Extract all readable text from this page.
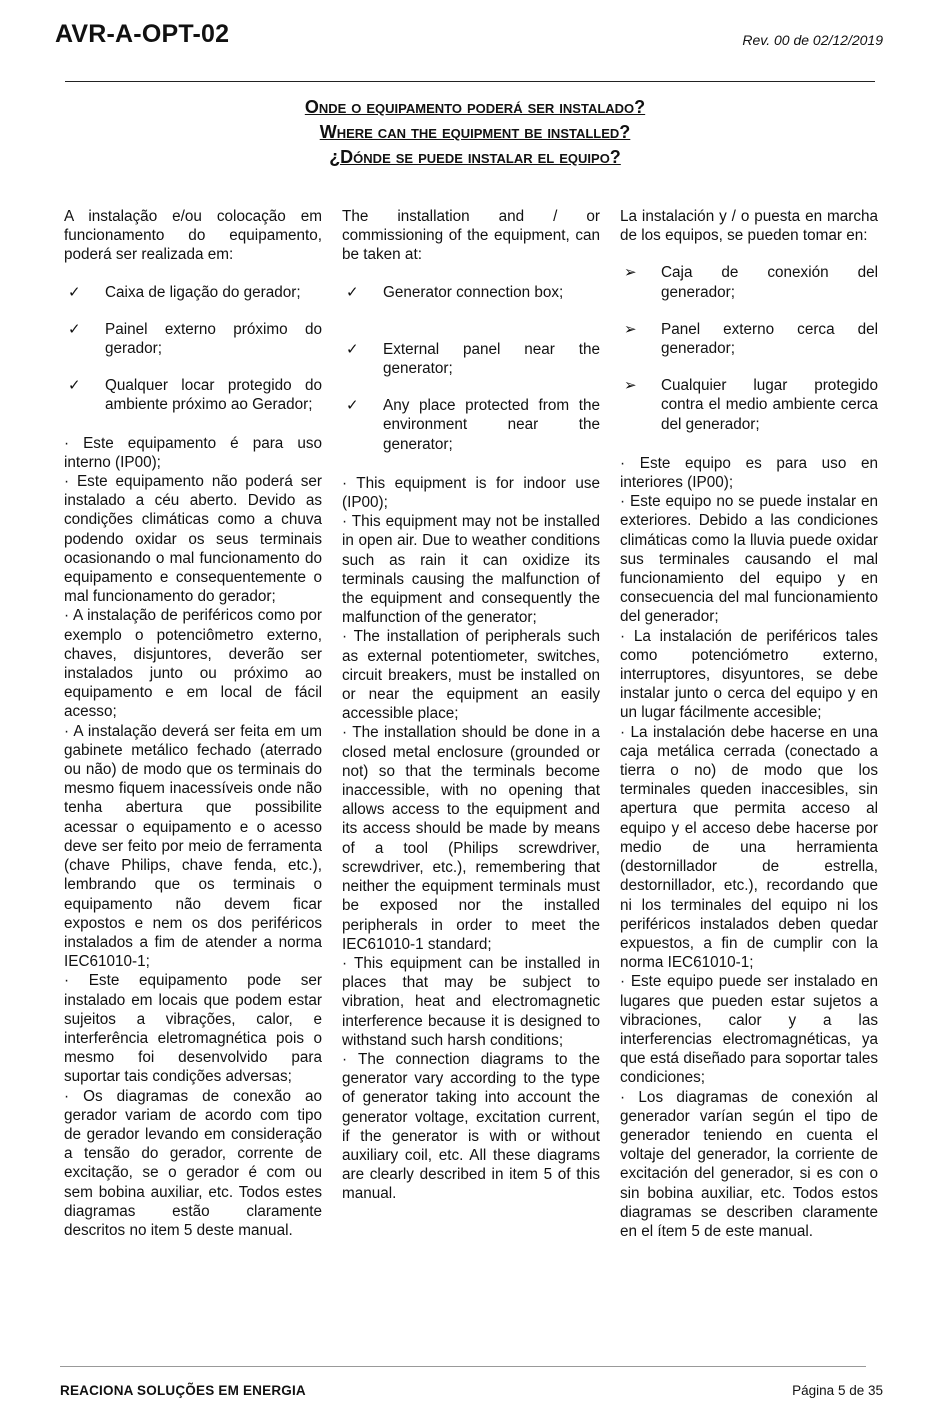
AVR-A-OPT-02	Rev. 00 de 02/12/2019
Onde o equipamento poderá ser instalado?
Where can the equipment be installed?
¿Dónde se puede instalar el equipo?

A instalação e/ou colocação em funcionamento do equipamento, poderá ser realizada em:

✓	Caixa de ligação do gerador;
✓	Painel externo próximo do gerador;
✓	Qualquer locar protegido do ambiente próximo ao Gerador;

· Este equipamento é para uso interno (IP00);

· Este equipamento não poderá ser instalado a céu aberto. Devido as condições climáticas como a chuva podendo oxidar os seus terminais ocasionando o mal funcionamento do equipamento e consequentemente o mal funcionamento do gerador;

· A instalação de periféricos como por exemplo o potenciômetro externo, chaves, disjuntores, deverão ser instalados junto ou próximo ao equipamento e em local de fácil acesso;

· A instalação deverá ser feita em um gabinete metálico fechado (aterrado ou não) de modo que os terminais do mesmo fiquem inacessíveis onde não tenha abertura que possibilite acessar o equipamento e o acesso deve ser feito por meio de ferramenta (chave Philips, chave fenda, etc.), lembrando que os terminais o equipamento não devem ficar expostos e nem os dos periféricos instalados a fim de atender a norma IEC61010-1;

· Este equipamento pode ser instalado em locais que podem estar sujeitos a vibrações, calor, e interferência eletromagnética pois o mesmo foi desenvolvido para suportar tais condições adversas;

· Os diagramas de conexão ao gerador variam de acordo com tipo de gerador levando em consideração a tensão do gerador, corrente de excitação, se o gerador é com ou sem bobina auxiliar, etc. Todos estes diagramas estão claramente descritos no item 5 deste manual.

The installation and / or commissioning of the equipment, can be taken at:

✓	Generator connection box;
✓	External panel near the generator;
✓	Any place protected from the environment near the generator;

· This equipment is for indoor use (IP00);

· This equipment may not be installed in open air. Due to weather conditions such as rain it can oxidize its terminals causing the malfunction of the equipment and consequently the malfunction of the generator;

· The installation of peripherals such as external potentiometer, switches, circuit breakers, must be installed on or near the equipment an easily accessible place;

· The installation should be done in a closed metal enclosure (grounded or not) so that the terminals become inaccessible, with no opening that allows access to the equipment and its access should be made by means of a tool (Philips screwdriver, screwdriver, etc.), remembering that neither the equipment terminals must be exposed nor the installed peripherals in order to meet the IEC61010-1 standard;

· This equipment can be installed in places that may be subject to vibration, heat and electromagnetic interference because it is designed to withstand such harsh conditions;

· The connection diagrams to the generator vary according to the type of generator taking into account the generator voltage, excitation current, if the generator is with or without auxiliary coil, etc. All these diagrams are clearly described in item 5 of this manual.

La instalación y / o puesta en marcha de los equipos, se pueden tomar en:

➢	Caja de conexión del generador;
➢	Panel externo cerca del generador;
➢	Cualquier lugar protegido contra el medio ambiente cerca del generador;

· Este equipo es para uso en interiores (IP00);

· Este equipo no se puede instalar en exteriores. Debido a las condiciones climáticas como la lluvia puede oxidar sus terminales causando el mal funcionamiento del equipo y en consecuencia del mal funcionamiento del generador;

· La instalación de periféricos tales como potenciómetro externo, interruptores, disyuntores, se debe instalar junto o cerca del equipo y en un lugar fácilmente accesible;

· La instalación debe hacerse en una caja metálica cerrada (conectado a tierra o no) de modo que los terminales queden inaccesibles, sin apertura que permita acceso al equipo y el acceso debe hacerse por medio de una herramienta (destornillador de estrella, destornillador, etc.), recordando que ni los terminales del equipo ni los periféricos instalados deben quedar expuestos, a fin de cumplir con la norma IEC61010-1;

· Este equipo puede ser instalado en lugares que pueden estar sujetos a vibraciones, calor y a las interferencias electromagnéticas, ya que está diseñado para soportar tales condiciones;

· Los diagramas de conexión al generador varían según el tipo de generador teniendo en cuenta el voltaje del generador, la corriente de excitación del generador, si es con o sin bobina auxiliar, etc. Todos estos diagramas se describen claramente en el ítem 5 de este manual.

REACIONA SOLUÇÕES EM ENERGIA	Página 5 de 35
